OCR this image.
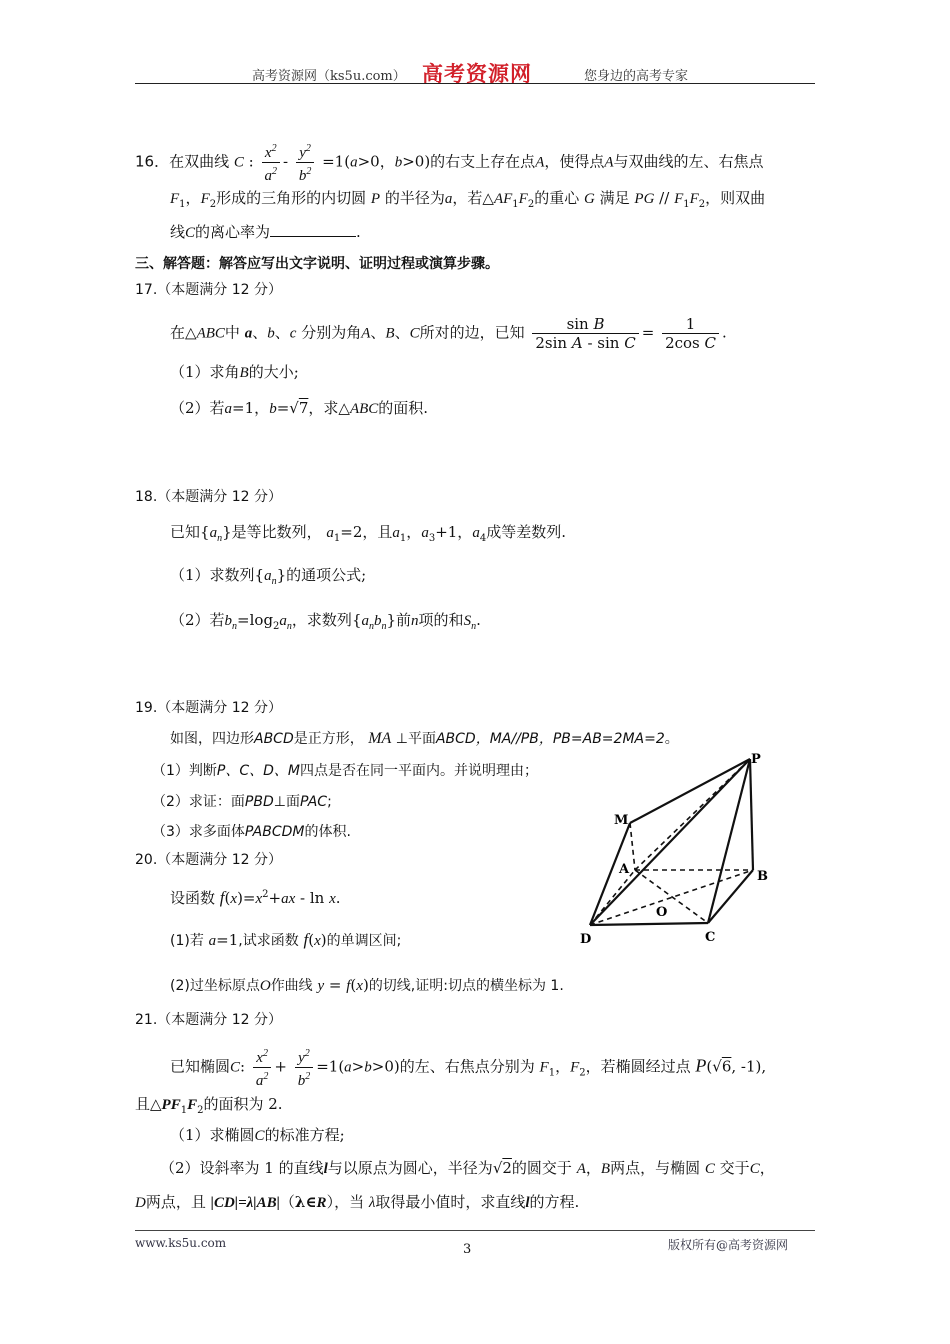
高考资源网（ks5u.com） 高考资源网	您身边的高考专家
16．在双曲线 C : $\frac{x^2}{a^2} - \frac{y^2}{b^2} =1(a>0$，b>0)的右支上存在点A，使得点A与双曲线的左、右焦点
$F_1$，$F_2$形成的三角形的内切圆 P 的半径为a，若$\triangle AF_1F_2$的重心 G 满足 PG // $F_1F_2$，则双曲
线C的离心率为	.
三、解答题：解答应写出文字说明、证明过程或演算步骤。
17.（本题满分 12 分）
在△ABC中 a、b、c 分别为角A、B、C所对的边，已知 $\frac{\text{sin B}}{\text{2sin A - sin C}} = \frac{1}{\text{2cos C}}$ .
（1）求角B的大小;
（2）若a=1，b=√7，求△ABC的面积.
18.（本题满分 12 分）
已知$\{a_n\}$是等比数列， $a_1=2$，且$a_1$，$a_3+1$，$a_4$成等差数列.
（1）求数列$\{a_n\}$的通项公式;
（2）若$b_n=\log_2a_n$，求数列$\{a_nb_n\}$前n项的和$S_n$.
19.（本题满分 12 分）
如图，四边形ABCD是正方形， MA ⊥平面ABCD，MA//PB，PB=AB=2MA=2。
（1）判断P、C、D、M四点是否在同一平面内。并说明理由；
（2）求证：面PBD⊥面PAC;
（3）求多面体PABCDM的体积.
P
M
A	B
O
D	C
20.（本题满分 12 分）
设函数 $f(x)=x^2+ax - \ln x$.
(1)若 a=1,试求函数 f(x)的单调区间;
(2)过坐标原点O作曲线 y = f(x)的切线,证明:切点的横坐标为 1.
21.（本题满分 12 分）
已知椭圆C: $\frac{x^2}{a^2} + \frac{y^2}{b^2} =1(a>b>0)$的左、右焦点分别为 $F_1$，$F_2$，若椭圆经过点 P(√6, -1),
且$\triangle PF_1F_2$的面积为 2.
（1）求椭圆C的标准方程;
（2）设斜率为 1 的直线l与以原点为圆心，半径为√2的圆交于 A，B两点，与椭圆 C 交于C，
D两点，且 |CD|=λ|AB|（λ∈R），当 λ取得最小值时，求直线l的方程.
www.ks5u.com	3	版权所有@高考资源网
